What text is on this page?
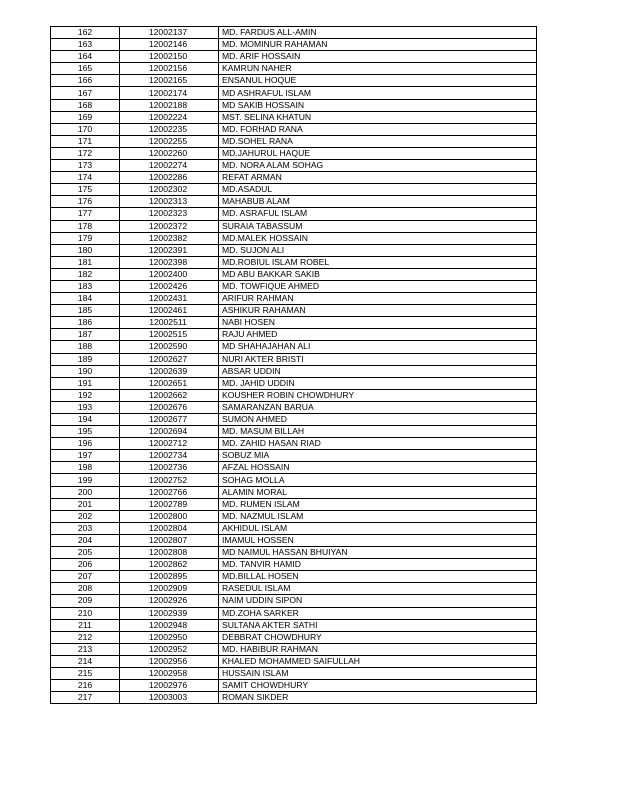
162	12002137	MD. FARDUS ALL-AMIN
163	12002146	MD. MOMINUR RAHAMAN
164	12002150	MD. ARIF HOSSAIN
165	12002156	KAMRUN NAHER
166	12002165	ENSANUL HOQUE
167	12002174	MD ASHRAFUL ISLAM
168	12002188	MD SAKIB HOSSAIN
169	12002224	MST. SELINA KHATUN
170	12002235	MD. FORHAD RANA
171	12002255	MD.SOHEL RANA
172	12002260	MD.JAHURUL HAQUE
173	12002274	MD. NORA ALAM SOHAG
174	12002286	REFAT ARMAN
175	12002302	MD.ASADUL
176	12002313	MAHABUB ALAM
177	12002323	MD. ASRAFUL ISLAM
178	12002372	SURAIA TABASSUM
179	12002382	MD.MALEK HOSSAIN
180	12002391	MD. SUJON ALI
181	12002398	MD.ROBIUL ISLAM ROBEL
182	12002400	MD ABU BAKKAR SAKIB
183	12002426	MD. TOWFIQUE AHMED
184	12002431	ARIFUR RAHMAN
185	12002461	ASHIKUR RAHAMAN
186	12002511	NABI HOSEN
187	12002515	RAJU AHMED
188	12002590	MD SHAHAJAHAN ALI
189	12002627	NURI AKTER BRISTI
190	12002639	ABSAR UDDIN
191	12002651	MD. JAHID UDDIN
192	12002662	KOUSHER ROBIN CHOWDHURY
193	12002676	SAMARANZAN BARUA
194	12002677	SUMON AHMED
195	12002694	MD. MASUM BILLAH
196	12002712	MD. ZAHID HASAN RIAD
197	12002734	SOBUZ MIA
198	12002736	AFZAL HOSSAIN
199	12002752	SOHAG MOLLA
200	12002766	ALAMIN MORAL
201	12002789	MD. RUMEN ISLAM
202	12002800	MD. NAZMUL ISLAM
203	12002804	AKHIDUL ISLAM
204	12002807	IMAMUL HOSSEN
205	12002808	MD NAIMUL HASSAN BHUIYAN
206	12002862	MD. TANVIR HAMID
207	12002895	MD.BILLAL HOSEN
208	12002909	RASEDUL ISLAM
209	12002926	NAIM UDDIN SIPON
210	12002939	MD.ZOHA SARKER
211	12002948	SULTANA AKTER SATHI
212	12002950	DEBBRAT CHOWDHURY
213	12002952	MD. HABIBUR RAHMAN
214	12002956	KHALED MOHAMMED SAIFULLAH
215	12002958	HUSSAIN ISLAM
216	12002976	SAMIT CHOWDHURY
217	12003003	ROMAN SIKDER
